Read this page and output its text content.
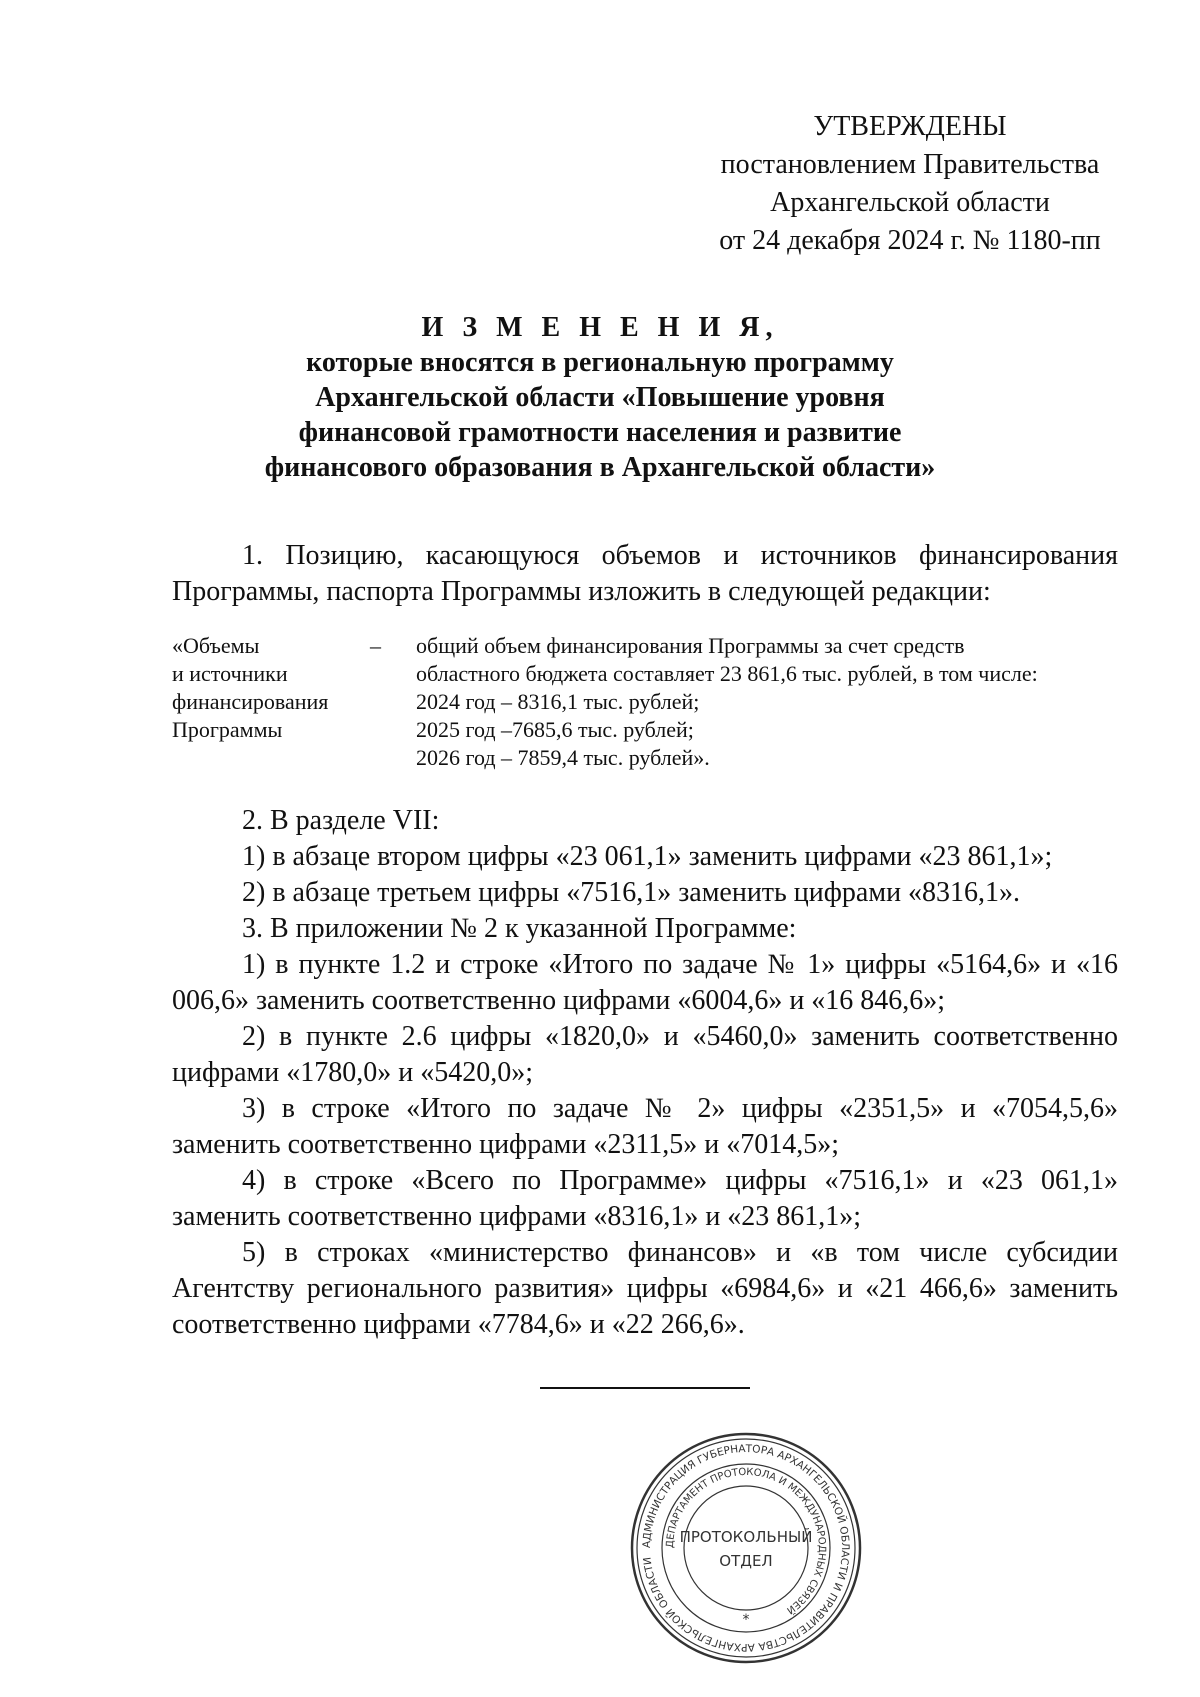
УТВЕРЖДЕНЫ
постановлением Правительства
Архангельской области
от 24 декабря 2024 г. № 1180-пп
И З М Е Н Е Н И Я,
которые вносятся в региональную программу
Архангельской области «Повышение уровня
финансовой грамотности населения и развитие
финансового образования в Архангельской области»

1. Позицию, касающуюся объемов и источников финансирования Программы, паспорта Программы изложить в следующей редакции:

«Объемы
и источники
финансирования
Программы
– общий объем финансирования Программы за счет средств
областного бюджета составляет 23 861,6 тыс. рублей, в том числе:
2024 год – 8316,1 тыс. рублей;
2025 год –7685,6 тыс. рублей;
2026 год – 7859,4 тыс. рублей».

2. В разделе VII:

1) в абзаце втором цифры «23 061,1» заменить цифрами «23 861,1»;

2) в абзаце третьем цифры «7516,1» заменить цифрами «8316,1».

3. В приложении № 2 к указанной Программе:

1) в пункте 1.2 и строке «Итого по задаче № 1» цифры «5164,6» и «16 006,6» заменить соответственно цифрами «6004,6» и «16 846,6»;

2) в пункте 2.6 цифры «1820,0» и «5460,0» заменить соответственно цифрами «1780,0» и «5420,0»;

3) в строке «Итого по задаче № 2» цифры «2351,5» и «7054,5,6» заменить соответственно цифрами «2311,5» и «7014,5»;

4) в строке «Всего по Программе» цифры «7516,1» и «23 061,1» заменить соответственно цифрами «8316,1» и «23 861,1»;

5) в строках «министерство финансов» и «в том числе субсидии Агентству регионального развития» цифры «6984,6» и «21 466,6» заменить соответственно цифрами «7784,6» и «22 266,6».

АДМИНИСТРАЦИЯ ГУБЕРНАТОРА АРХАНГЕЛЬСКОЙ ОБЛАСТИ И ПРАВИТЕЛЬСТВА АРХАНГЕЛЬСКОЙ ОБЛАСТИ
ДЕПАРТАМЕНТ ПРОТОКОЛА И МЕЖДУНАРОДНЫХ СВЯЗЕЙ
ПРОТОКОЛЬНЫЙ
ОТДЕЛ
*
